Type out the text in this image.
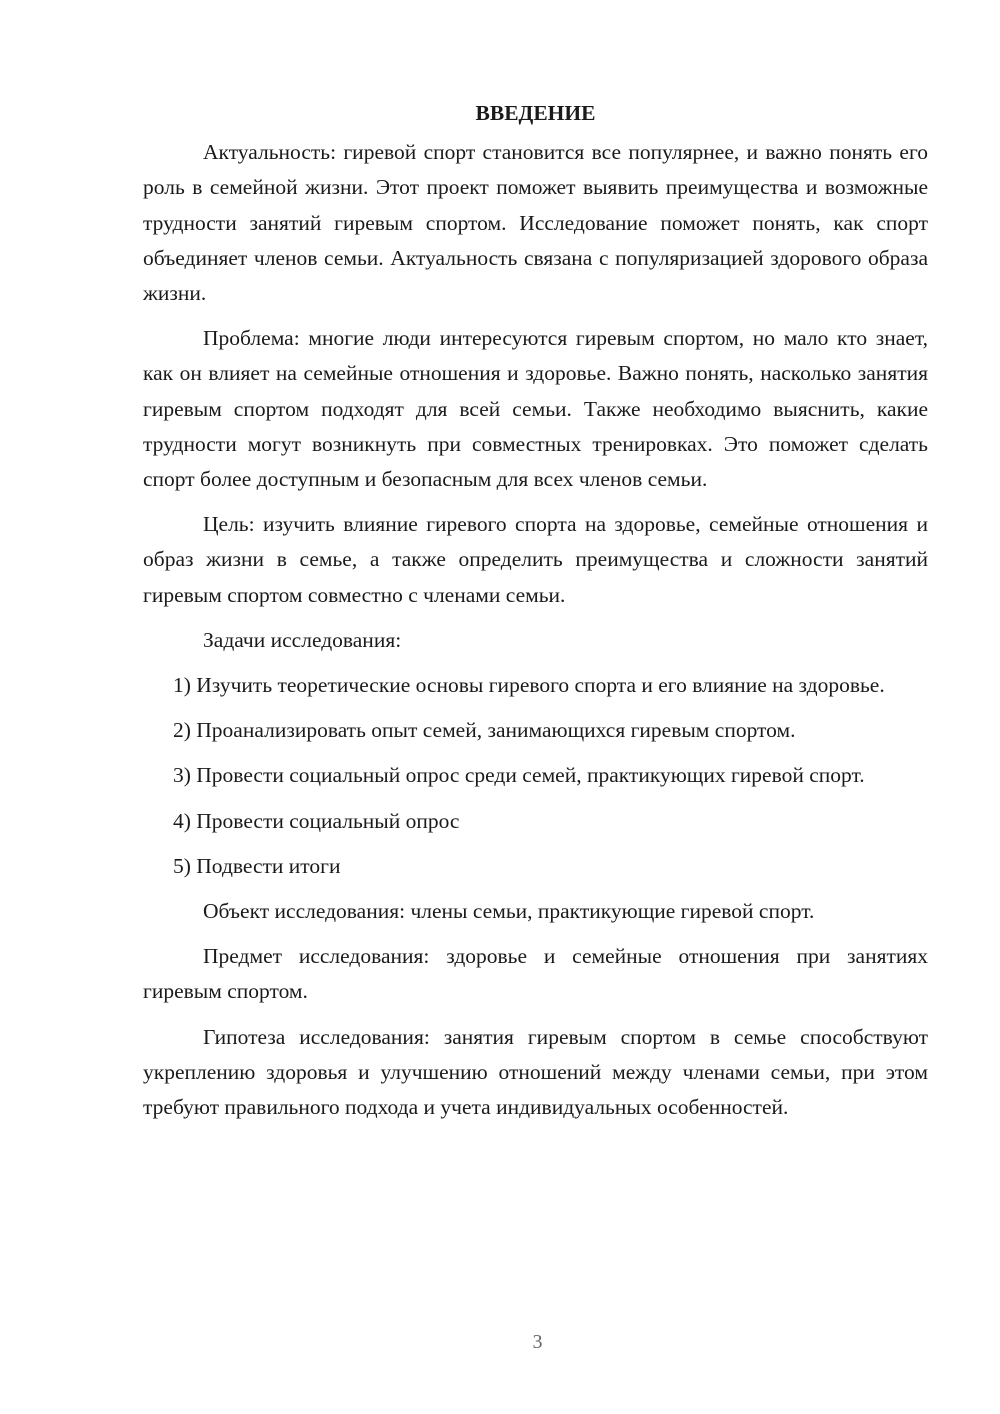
ВВЕДЕНИЕ

Актуальность: гиревой спорт становится все популярнее, и важно понять его роль в семейной жизни. Этот проект поможет выявить преимущества и возможные трудности занятий гиревым спортом. Исследование поможет понять, как спорт объединяет членов семьи. Актуальность связана с популяризацией здорового образа жизни.

Проблема: многие люди интересуются гиревым спортом, но мало кто знает, как он влияет на семейные отношения и здоровье. Важно понять, насколько занятия гиревым спортом подходят для всей семьи. Также необходимо выяснить, какие трудности могут возникнуть при совместных тренировках. Это поможет сделать спорт более доступным и безопасным для всех членов семьи.

Цель: изучить влияние гиревого спорта на здоровье, семейные отношения и образ жизни в семье, а также определить преимущества и сложности занятий гиревым спортом совместно с членами семьи.

Задачи исследования:

1) Изучить теоретические основы гиревого спорта и его влияние на здоровье.

2) Проанализировать опыт семей, занимающихся гиревым спортом.

3) Провести социальный опрос среди семей, практикующих гиревой спорт.

4) Провести социальный опрос

5) Подвести итоги

Объект исследования: члены семьи, практикующие гиревой спорт.

Предмет исследования: здоровье и семейные отношения при занятиях гиревым спортом.

Гипотеза исследования: занятия гиревым спортом в семье способствуют укреплению здоровья и улучшению отношений между членами семьи, при этом требуют правильного подхода и учета индивидуальных особенностей.

3
